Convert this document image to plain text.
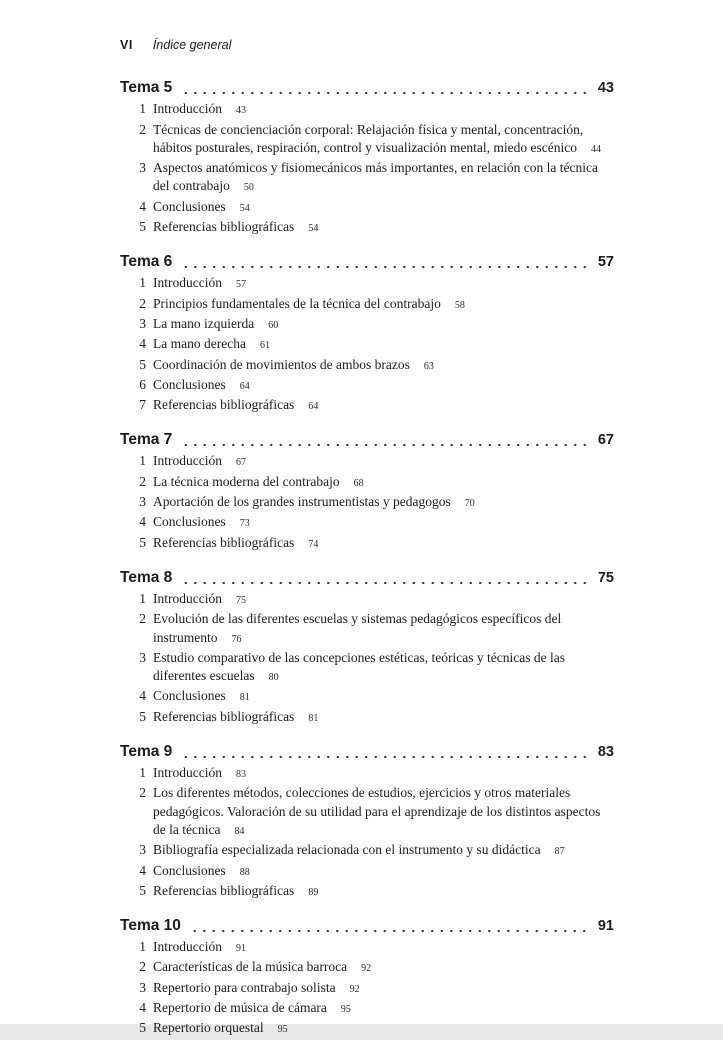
VI Índice general
Tema 5	43
1 Introducción 43
2 Técnicas de concienciación corporal: Relajación física y mental, concentración, hábitos posturales, respiración, control y visualización mental, miedo escénico 44
3 Aspectos anatómicos y fisiomecánicos más importantes, en relación con la técnica del contrabajo 50
4 Conclusiones 54
5 Referencias bibliográficas 54
Tema 6	57
1 Introducción 57
2 Principios fundamentales de la técnica del contrabajo 58
3 La mano izquierda 60
4 La mano derecha 61
5 Coordinación de movimientos de ambos brazos 63
6 Conclusiones 64
7 Referencias bibliográficas 64
Tema 7	67
1 Introducción 67
2 La técnica moderna del contrabajo 68
3 Aportación de los grandes instrumentistas y pedagogos 70
4 Conclusiones 73
5 Referencias bibliográficas 74
Tema 8	75
1 Introducción 75
2 Evolución de las diferentes escuelas y sistemas pedagógicos específicos del instrumento 76
3 Estudio comparativo de las concepciones estéticas, teóricas y técnicas de las diferentes escuelas 80
4 Conclusiones 81
5 Referencias bibliográficas 81
Tema 9	83
1 Introducción 83
2 Los diferentes métodos, colecciones de estudios, ejercicios y otros materiales pedagógicos. Valoración de su utilidad para el aprendizaje de los distintos aspectos de la técnica 84
3 Bibliografía especializada relacionada con el instrumento y su didáctica 87
4 Conclusiones 88
5 Referencias bibliográficas 89
Tema 10	91
1 Introducción 91
2 Características de la música barroca 92
3 Repertorio para contrabajo solista 92
4 Repertorio de música de cámara 95
5 Repertorio orquestal 95
